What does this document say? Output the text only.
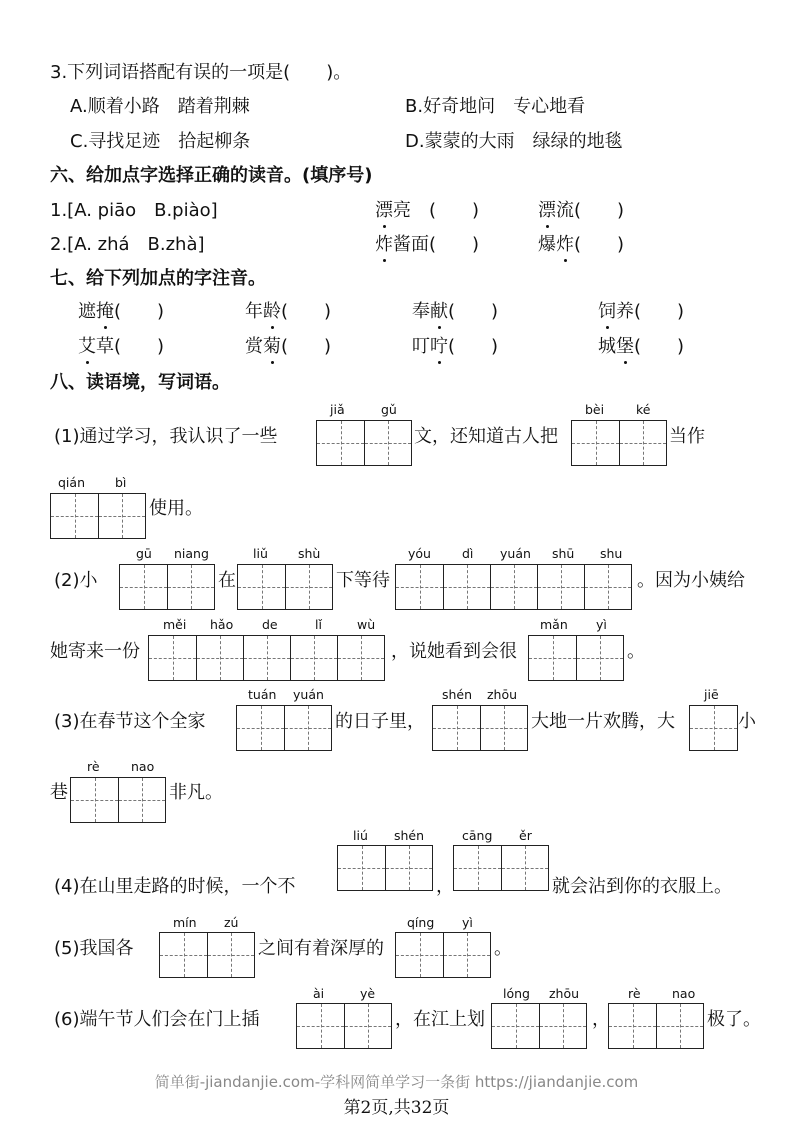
3.下列词语搭配有误的一项是(　　)。
A.顺着小路　踏着荆棘	B.好奇地问　专心地看
C.寻找足迹　拾起柳条	D.蒙蒙的大雨　绿绿的地毯
六、给加点字选择正确的读音。(填序号)
1.[A. piāo　B.piào]	漂亮　(　　)	漂流(　　)
2.[A. zhá　B.zhà]	炸酱面(　　)	爆炸(　　)
七、给下列加点的字注音。
遮掩(　　)	年龄(　　)	奉献(　　)	饲养(　　)
艾草(　　)	赏菊(　　)	叮咛(　　)	城堡(　　)
八、读语境，写词语。
(1)通过学习，我认识了一些
jiǎ	gǔ
文，还知道古人把
bèi	ké
当作
qián bì
使用。
(2)小
gū niang
在
liǔ shù
下等待
yóu dì yuán shū shu
。因为小姨给
她寄来一份
měi hǎo de	lǐ	wù
，说她看到会很
mǎn yì
。
(3)在春节这个全家
tuán yuán
的日子里，
shén zhōu
大地一片欢腾，大
jiē
小
巷
rè	nao
非凡。
(4)在山里走路的时候，一个不
liú shén
，
cāng ěr
就会沾到你的衣服上。
(5)我国各
mín zú
之间有着深厚的
qíng yì
。
(6)端午节人们会在门上插
ài	yè
，在江上划
lóng zhōu
，
rè	nao
极了。
简单街-jiandanjie.com-学科网简单学习一条街 https://jiandanjie.com
第2页,共32页
